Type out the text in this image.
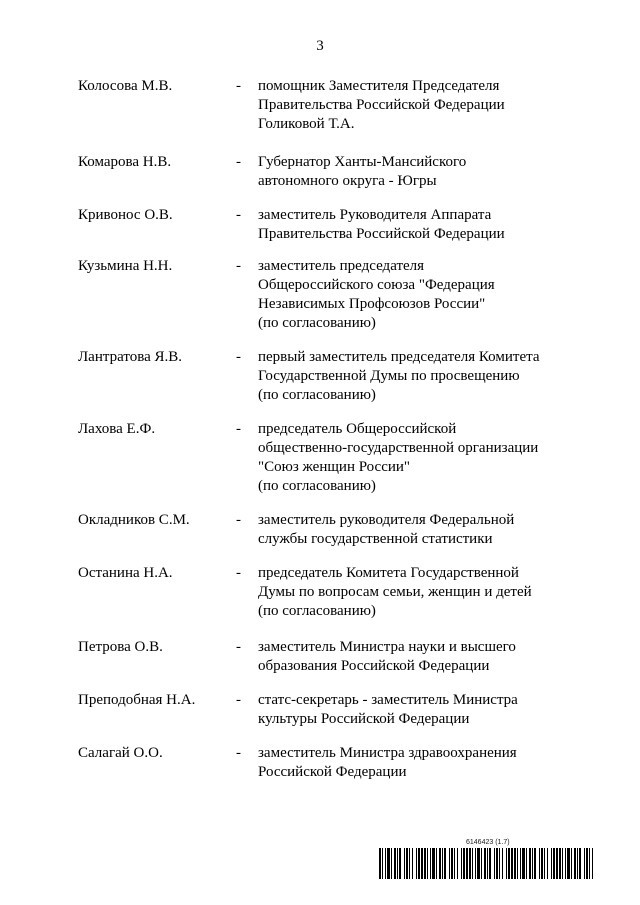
3
Колосова М.В.	-	помощник Заместителя Председателя
Правительства Российской Федерации
Голиковой Т.А.
Комарова Н.В.	-	Губернатор Ханты-Мансийского
автономного округа - Югры
Кривонос О.В.	-	заместитель Руководителя Аппарата
Правительства Российской Федерации
Кузьмина Н.Н.	-	заместитель председателя
Общероссийского союза "Федерация
Независимых Профсоюзов России"
(по согласованию)
Лантратова Я.В.	-	первый заместитель председателя Комитета
Государственной Думы по просвещению
(по согласованию)
Лахова Е.Ф.	-	председатель Общероссийской
общественно-государственной организации
"Союз женщин России"
(по согласованию)
Окладников С.М.	-	заместитель руководителя Федеральной
службы государственной статистики
Останина Н.А.	-	председатель Комитета Государственной
Думы по вопросам семьи, женщин и детей
(по согласованию)
Петрова О.В.	-	заместитель Министра науки и высшего
образования Российской Федерации
Преподобная Н.А.	-	статс-секретарь - заместитель Министра
культуры Российской Федерации
Салагай О.О.	-	заместитель Министра здравоохранения
Российской Федерации
6146423 (1.7)
